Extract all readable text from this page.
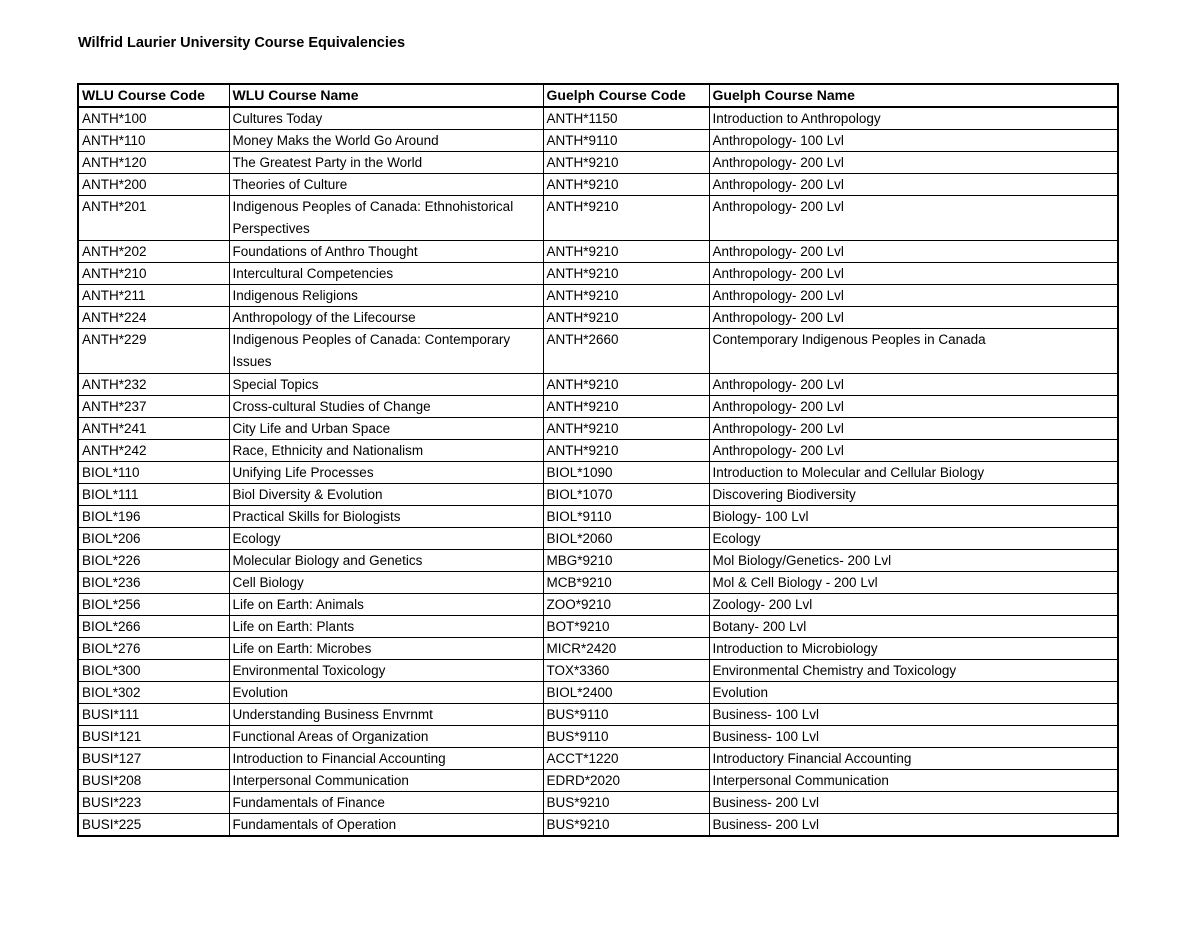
Wilfrid Laurier University Course Equivalencies
WLU Course Code	WLU Course Name	Guelph Course Code	Guelph Course Name
ANTH*100	Cultures Today	ANTH*1150	Introduction to Anthropology
ANTH*110	Money Maks the World Go Around	ANTH*9110	Anthropology- 100 Lvl
ANTH*120	The Greatest Party in the World	ANTH*9210	Anthropology- 200 Lvl
ANTH*200	Theories of Culture	ANTH*9210	Anthropology- 200 Lvl
ANTH*201	Indigenous Peoples of Canada: Ethnohistorical Perspectives	ANTH*9210	Anthropology- 200 Lvl
ANTH*202	Foundations of Anthro Thought	ANTH*9210	Anthropology- 200 Lvl
ANTH*210	Intercultural Competencies	ANTH*9210	Anthropology- 200 Lvl
ANTH*211	Indigenous Religions	ANTH*9210	Anthropology- 200 Lvl
ANTH*224	Anthropology of the Lifecourse	ANTH*9210	Anthropology- 200 Lvl
ANTH*229	Indigenous Peoples of Canada: Contemporary Issues	ANTH*2660	Contemporary Indigenous Peoples in Canada
ANTH*232	Special Topics	ANTH*9210	Anthropology- 200 Lvl
ANTH*237	Cross-cultural Studies of Change	ANTH*9210	Anthropology- 200 Lvl
ANTH*241	City Life and Urban Space	ANTH*9210	Anthropology- 200 Lvl
ANTH*242	Race, Ethnicity and Nationalism	ANTH*9210	Anthropology- 200 Lvl
BIOL*110	Unifying Life Processes	BIOL*1090	Introduction to Molecular and Cellular Biology
BIOL*111	Biol Diversity & Evolution	BIOL*1070	Discovering Biodiversity
BIOL*196	Practical Skills for Biologists	BIOL*9110	Biology- 100 Lvl
BIOL*206	Ecology	BIOL*2060	Ecology
BIOL*226	Molecular Biology and Genetics	MBG*9210	Mol Biology/Genetics- 200 Lvl
BIOL*236	Cell Biology	MCB*9210	Mol & Cell Biology - 200 Lvl
BIOL*256	Life on Earth: Animals	ZOO*9210	Zoology- 200 Lvl
BIOL*266	Life on Earth: Plants	BOT*9210	Botany- 200 Lvl
BIOL*276	Life on Earth: Microbes	MICR*2420	Introduction to Microbiology
BIOL*300	Environmental Toxicology	TOX*3360	Environmental Chemistry and Toxicology
BIOL*302	Evolution	BIOL*2400	Evolution
BUSI*111	Understanding Business Envrnmt	BUS*9110	Business- 100 Lvl
BUSI*121	Functional Areas of Organization	BUS*9110	Business- 100 Lvl
BUSI*127	Introduction to Financial Accounting	ACCT*1220	Introductory Financial Accounting
BUSI*208	Interpersonal Communication	EDRD*2020	Interpersonal Communication
BUSI*223	Fundamentals of Finance	BUS*9210	Business- 200 Lvl
BUSI*225	Fundamentals of Operation	BUS*9210	Business- 200 Lvl
